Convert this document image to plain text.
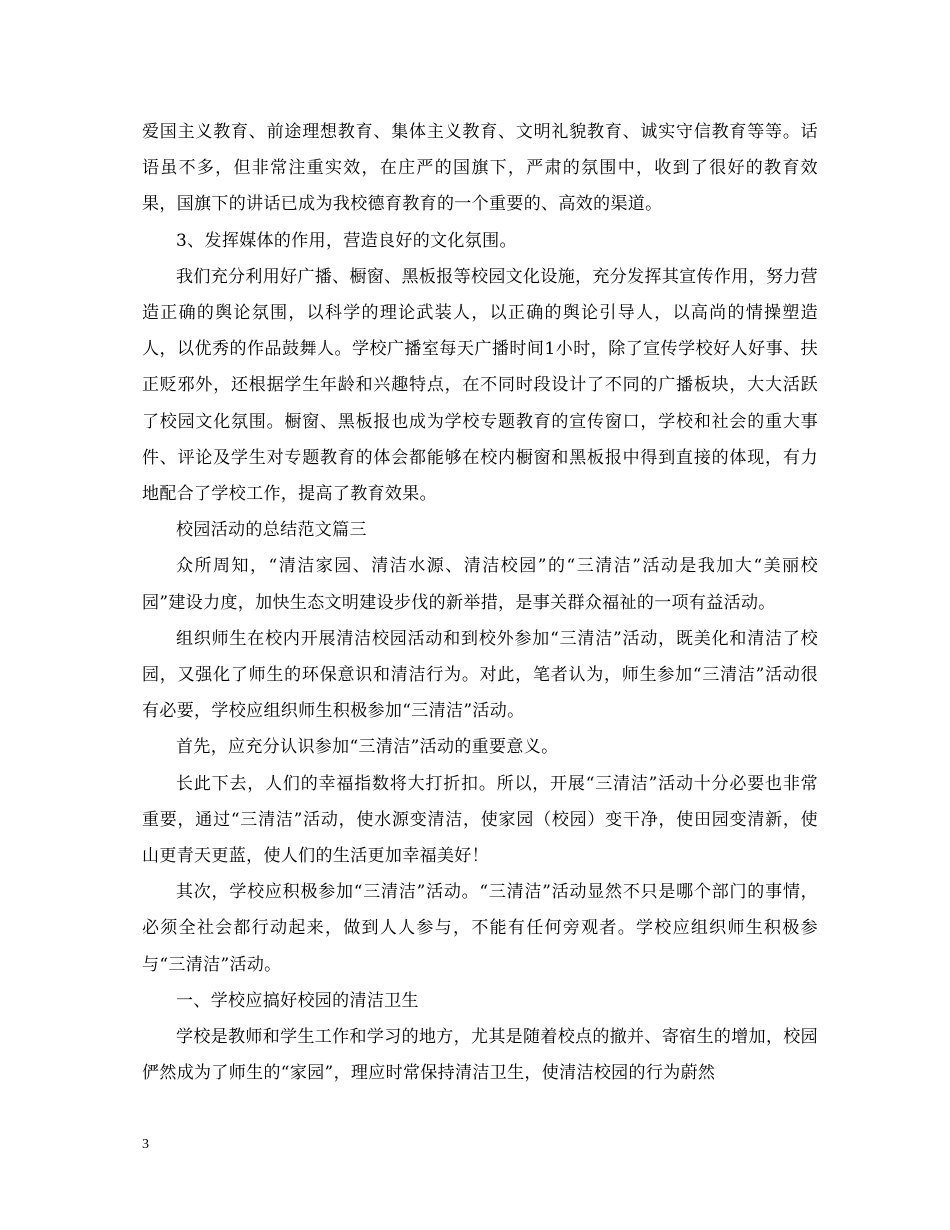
爱国主义教育、前途理想教育、集体主义教育、文明礼貌教育、诚实守信教育等等。话语虽不多，但非常注重实效，在庄严的国旗下，严肃的氛围中，收到了很好的教育效果，国旗下的讲话已成为我校德育教育的一个重要的、高效的渠道。

3、发挥媒体的作用，营造良好的文化氛围。

我们充分利用好广播、橱窗、黑板报等校园文化设施，充分发挥其宣传作用，努力营造正确的舆论氛围，以科学的理论武装人，以正确的舆论引导人，以高尚的情操塑造人，以优秀的作品鼓舞人。学校广播室每天广播时间1小时，除了宣传学校好人好事、扶正贬邪外，还根据学生年龄和兴趣特点，在不同时段设计了不同的广播板块，大大活跃了校园文化氛围。橱窗、黑板报也成为学校专题教育的宣传窗口，学校和社会的重大事件、评论及学生对专题教育的体会都能够在校内橱窗和黑板报中得到直接的体现，有力地配合了学校工作，提高了教育效果。

校园活动的总结范文篇三

众所周知，“清洁家园、清洁水源、清洁校园”的“三清洁”活动是我加大“美丽校园”建设力度，加快生态文明建设步伐的新举措，是事关群众福祉的一项有益活动。

组织师生在校内开展清洁校园活动和到校外参加“三清洁”活动，既美化和清洁了校园，又强化了师生的环保意识和清洁行为。对此，笔者认为，师生参加“三清洁”活动很有必要，学校应组织师生积极参加“三清洁”活动。

首先，应充分认识参加“三清洁”活动的重要意义。

长此下去，人们的幸福指数将大打折扣。所以，开展“三清洁”活动十分必要也非常重要，通过“三清洁”活动，使水源变清洁，使家园（校园）变干净，使田园变清新，使山更青天更蓝，使人们的生活更加幸福美好！

其次，学校应积极参加“三清洁”活动。“三清洁”活动显然不只是哪个部门的事情，必须全社会都行动起来，做到人人参与，不能有任何旁观者。学校应组织师生积极参与“三清洁”活动。

一、学校应搞好校园的清洁卫生

学校是教师和学生工作和学习的地方，尤其是随着校点的撤并、寄宿生的增加，校园俨然成为了师生的“家园”，理应时常保持清洁卫生，使清洁校园的行为蔚然

3
